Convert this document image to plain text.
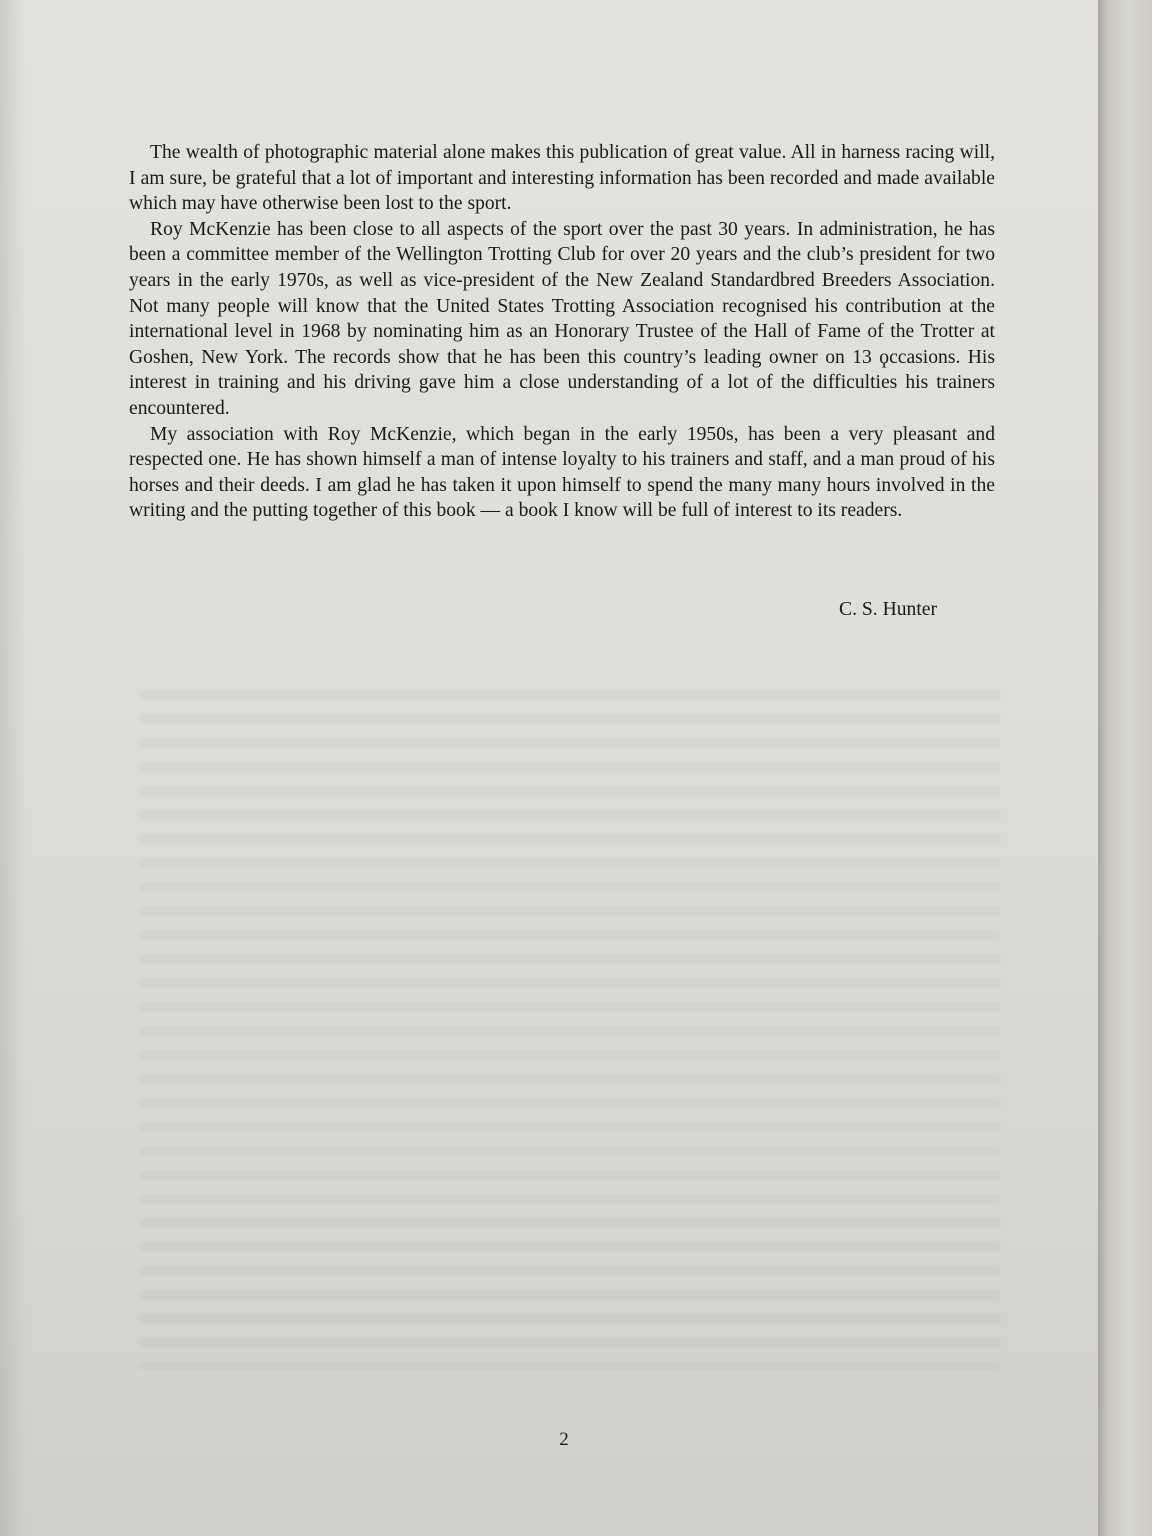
The wealth of photographic material alone makes this publication of great value. All in harness racing will, I am sure, be grateful that a lot of important and interesting information has been recorded and made available which may have otherwise been lost to the sport.

Roy McKenzie has been close to all aspects of the sport over the past 30 years. In administration, he has been a committee member of the Wellington Trotting Club for over 20 years and the club’s president for two years in the early 1970s, as well as vice-president of the New Zealand Standardbred Breeders Association. Not many people will know that the United States Trotting Association recognised his contribution at the international level in 1968 by nominating him as an Honorary Trustee of the Hall of Fame of the Trotter at Goshen, New York. The records show that he has been this country’s leading owner on 13 ϙccasions. His interest in training and his driving gave him a close understanding of a lot of the difficulties his trainers encountered.

My association with Roy McKenzie, which began in the early 1950s, has been a very pleasant and respected one. He has shown himself a man of intense loyalty to his trainers and staff, and a man proud of his horses and their deeds. I am glad he has taken it upon himself to spend the many many hours involved in the writing and the putting together of this book — a book I know will be full of interest to its readers.

C. S. Hunter
2
